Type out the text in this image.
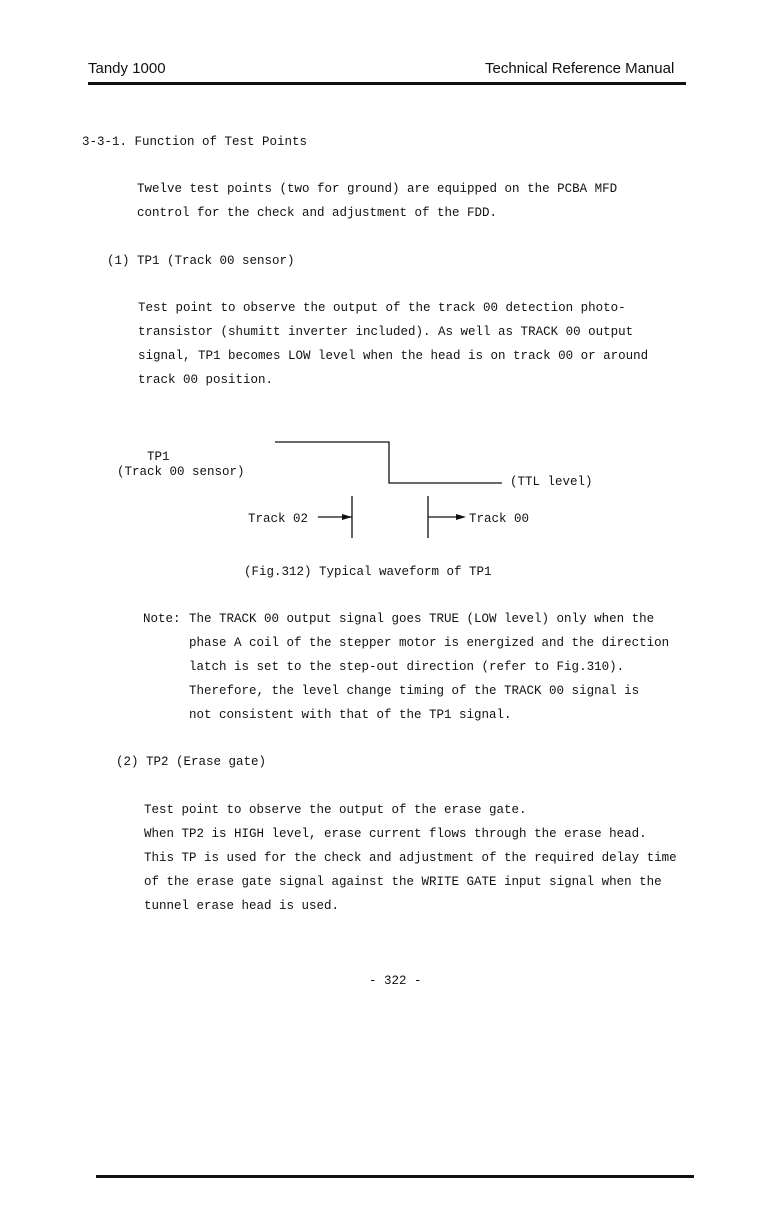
Tandy 1000	Technical Reference Manual
3-3-1. Function of Test Points
Twelve test points (two for ground) are equipped on the PCBA MFD
control for the check and adjustment of the FDD.
(1) TP1 (Track 00 sensor)
Test point to observe the output of the track 00 detection photo-
transistor (shumitt inverter included). As well as TRACK 00 output
signal, TP1 becomes LOW level when the head is on track 00 or around
track 00 position.
TP1
(Track 00 sensor)
(TTL level)
Track 02	Track 00
(Fig.312) Typical waveform of TP1
Note: The TRACK 00 output signal goes TRUE (LOW level) only when the
phase A coil of the stepper motor is energized and the direction
latch is set to the step-out direction (refer to Fig.310).
Therefore, the level change timing of the TRACK 00 signal is
not consistent with that of the TP1 signal.
(2) TP2 (Erase gate)
Test point to observe the output of the erase gate.
When TP2 is HIGH level, erase current flows through the erase head.
This TP is used for the check and adjustment of the required delay time
of the erase gate signal against the WRITE GATE input signal when the
tunnel erase head is used.
- 322 -
